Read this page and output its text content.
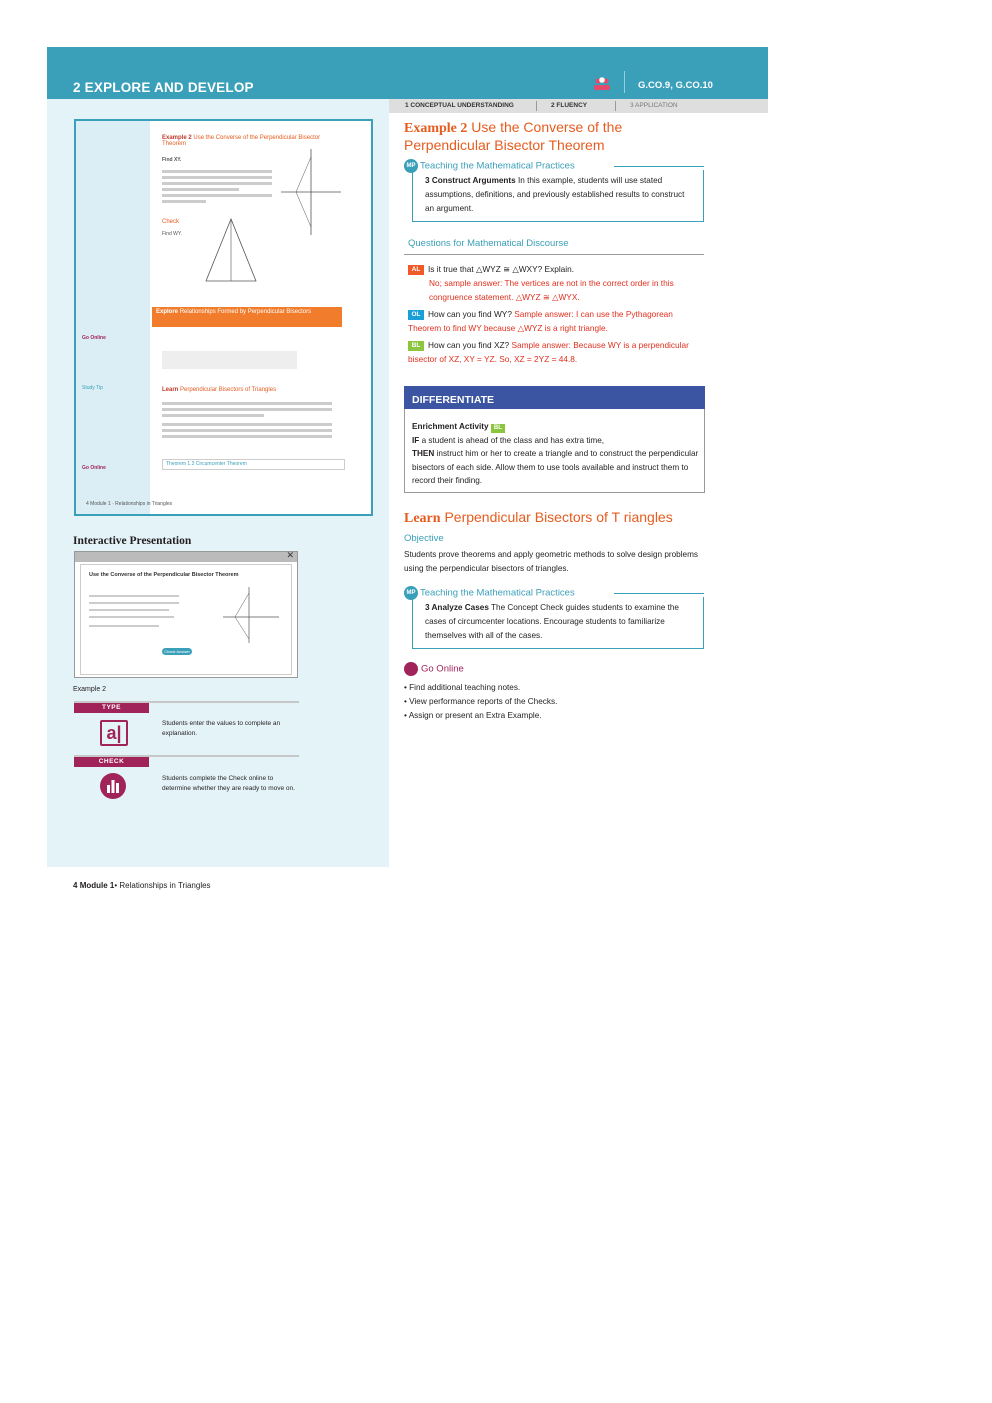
2 EXPLORE AND DEVELOP	G.CO.9, G.CO.10
Example 2 Use the Converse of the Perpendicular Bisector Theorem
Find XY.
Check
Find WY.
Explore Relationships Formed by Perpendicular Bisectors
Go Online
Study Tip	Learn Perpendicular Bisectors of Triangles
Theorem 1.3 Circumcenter Theorem
Go Online
4 Module 1 · Relationships in Triangles
Interactive Presentation
✕
Use the Converse of the Perpendicular Bisector Theorem
Check Answer
Example 2
TYPE
a|	Students enter the values to complete an explanation.
CHECK
Students complete the Check online to determine whether they are ready to move on.
4 Module 1• Relationships in Triangles
1 CONCEPTUAL UNDERSTANDING	2 FLUENCY	3 APPLICATION
Example 2 Use the Converse of the
Perpendicular Bisector Theorem
MP Teaching the Mathematical Practices
3 Construct Arguments In this example, students will use stated assumptions, definitions, and previously established results to construct an argument.
Questions for Mathematical Discourse
AL Is it true that △WYZ ≅ △WXY? Explain.
No; sample answer: The vertices are not in the correct order in this congruence statement. △WYZ ≅ △WYX.
OL How can you find WY? Sample answer: I can use the Pythagorean Theorem to find WY because △WYZ is a right triangle.
BL How can you find XZ? Sample answer: Because WY is a perpendicular bisector of XZ, XY = YZ. So, XZ = 2YZ = 44.8.
DIFFERENTIATE
Enrichment Activity BL
IF a student is ahead of the class and has extra time,
THEN instruct him or her to create a triangle and to construct the perpendicular bisectors of each side. Allow them to use tools available and instruct them to record their finding.
Learn Perpendicular Bisectors of T riangles
Objective
Students prove theorems and apply geometric methods to solve design problems using the perpendicular bisectors of triangles.
MP Teaching the Mathematical Practices
3 Analyze Cases The Concept Check guides students to examine the cases of circumcenter locations. Encourage students to familiarize themselves with all of the cases.
Go Online
• Find additional teaching notes.
• View performance reports of the Checks.
• Assign or present an Extra Example.
